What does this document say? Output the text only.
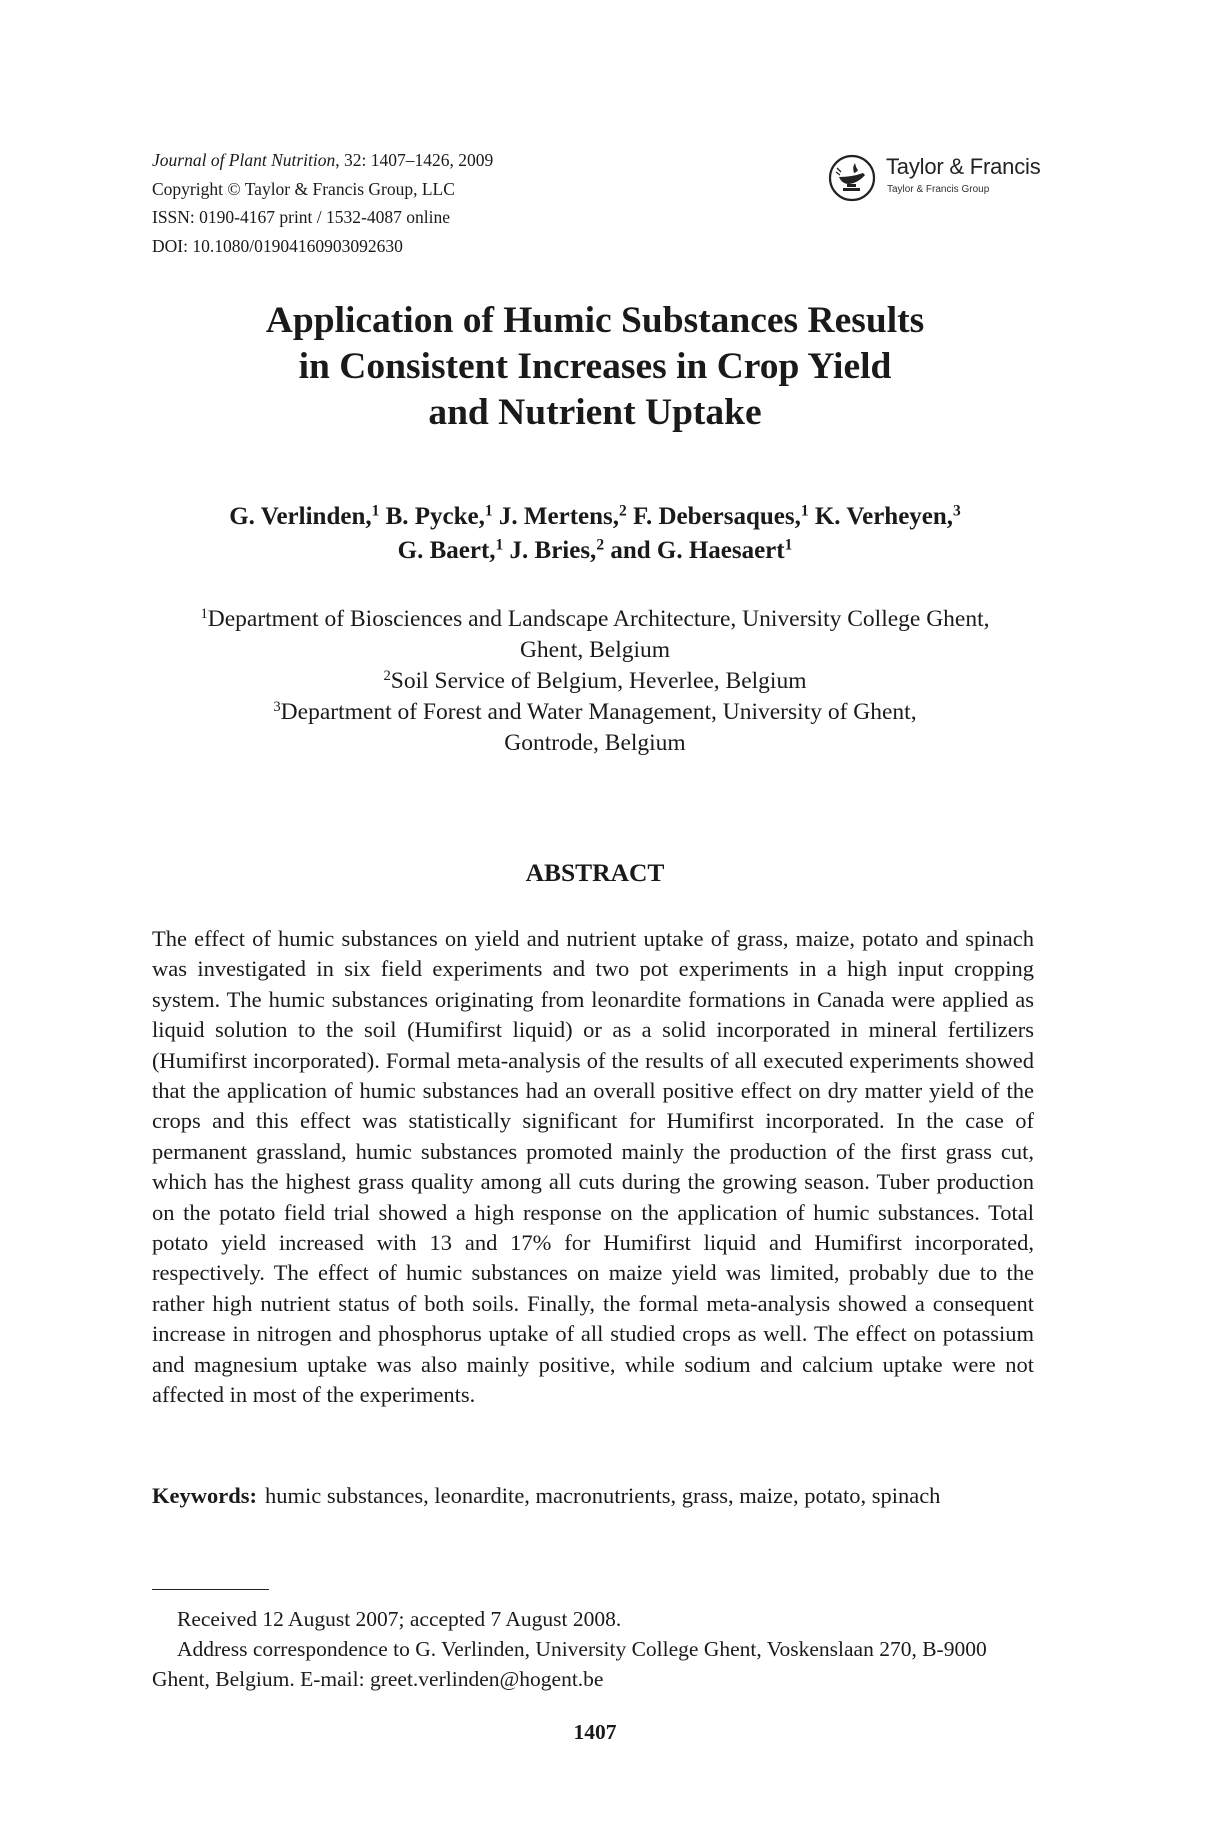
Journal of Plant Nutrition, 32: 1407–1426, 2009
Copyright © Taylor & Francis Group, LLC
ISSN: 0190-4167 print / 1532-4087 online
DOI: 10.1080/01904160903092630
Taylor & Francis
Taylor & Francis Group
Application of Humic Substances Results
in Consistent Increases in Crop Yield
and Nutrient Uptake
G. Verlinden,$^1$ B. Pycke,$^1$ J. Mertens,$^2$ F. Debersaques,$^1$ K. Verheyen,$^3$
G. Baert,$^1$ J. Bries,$^2$ and G. Haesaert$^1$
$^1$Department of Biosciences and Landscape Architecture, University College Ghent,
Ghent, Belgium
$^2$Soil Service of Belgium, Heverlee, Belgium
$^3$Department of Forest and Water Management, University of Ghent,
Gontrode, Belgium
ABSTRACT
The effect of humic substances on yield and nutrient uptake of grass, maize, potato and spinach was investigated in six field experiments and two pot experiments in a high input cropping system. The humic substances originating from leonardite formations in Canada were applied as liquid solution to the soil (Humifirst liquid) or as a solid incorporated in mineral fertilizers (Humifirst incorporated). Formal meta-analysis of the results of all executed experiments showed that the application of humic substances had an overall positive effect on dry matter yield of the crops and this effect was statistically significant for Humifirst incorporated. In the case of permanent grassland, humic substances promoted mainly the production of the first grass cut, which has the highest grass quality among all cuts during the growing season. Tuber production on the potato field trial showed a high response on the application of humic substances. Total potato yield increased with 13 and 17% for Humifirst liquid and Humifirst incorporated, respectively. The effect of humic substances on maize yield was limited, probably due to the rather high nutrient status of both soils. Finally, the formal meta-analysis showed a consequent increase in nitrogen and phosphorus uptake of all studied crops as well. The effect on potassium and magnesium uptake was also mainly positive, while sodium and calcium uptake were not affected in most of the experiments.
Keywords: humic substances, leonardite, macronutrients, grass, maize, potato, spinach
Received 12 August 2007; accepted 7 August 2008.
Address correspondence to G. Verlinden, University College Ghent, Voskenslaan 270, B-9000 Ghent, Belgium. E-mail: greet.verlinden@hogent.be
1407
